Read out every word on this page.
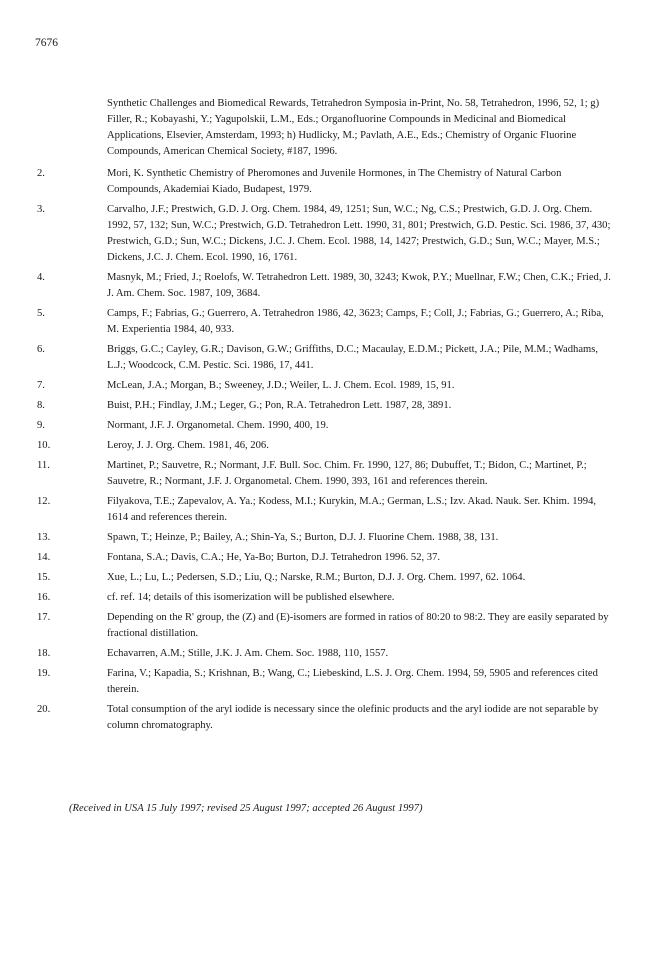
7676
Synthetic Challenges and Biomedical Rewards, Tetrahedron Symposia in-Print, No. 58, Tetrahedron, 1996, 52, 1; g) Filler, R.; Kobayashi, Y.; Yagupolskii, L.M., Eds.; Organofluorine Compounds in Medicinal and Biomedical Applications, Elsevier, Amsterdam, 1993; h) Hudlicky, M.; Pavlath, A.E., Eds.; Chemistry of Organic Fluorine Compounds, American Chemical Society, #187, 1996.
2.	Mori, K. Synthetic Chemistry of Pheromones and Juvenile Hormones, in The Chemistry of Natural Carbon Compounds, Akademiai Kiado, Budapest, 1979.
3.	Carvalho, J.F.; Prestwich, G.D. J. Org. Chem. 1984, 49, 1251; Sun, W.C.; Ng, C.S.; Prestwich, G.D. J. Org. Chem. 1992, 57, 132; Sun, W.C.; Prestwich, G.D. Tetrahedron Lett. 1990, 31, 801; Prestwich, G.D. Pestic. Sci. 1986, 37, 430; Prestwich, G.D.; Sun, W.C.; Dickens, J.C. J. Chem. Ecol. 1988, 14, 1427; Prestwich, G.D.; Sun, W.C.; Mayer, M.S.; Dickens, J.C. J. Chem. Ecol. 1990, 16, 1761.
4.	Masnyk, M.; Fried, J.; Roelofs, W. Tetrahedron Lett. 1989, 30, 3243; Kwok, P.Y.; Muellnar, F.W.; Chen, C.K.; Fried, J. J. Am. Chem. Soc. 1987, 109, 3684.
5.	Camps, F.; Fabrias, G.; Guerrero, A. Tetrahedron 1986, 42, 3623; Camps, F.; Coll, J.; Fabrias, G.; Guerrero, A.; Riba, M. Experientia 1984, 40, 933.
6.	Briggs, G.C.; Cayley, G.R.; Davison, G.W.; Griffiths, D.C.; Macaulay, E.D.M.; Pickett, J.A.; Pile, M.M.; Wadhams, L.J.; Woodcock, C.M. Pestic. Sci. 1986, 17, 441.
7.	McLean, J.A.; Morgan, B.; Sweeney, J.D.; Weiler, L. J. Chem. Ecol. 1989, 15, 91.
8.	Buist, P.H.; Findlay, J.M.; Leger, G.; Pon, R.A. Tetrahedron Lett. 1987, 28, 3891.
9.	Normant, J.F. J. Organometal. Chem. 1990, 400, 19.
10.	Leroy, J. J. Org. Chem. 1981, 46, 206.
11.	Martinet, P.; Sauvetre, R.; Normant, J.F. Bull. Soc. Chim. Fr. 1990, 127, 86; Dubuffet, T.; Bidon, C.; Martinet, P.; Sauvetre, R.; Normant, J.F. J. Organometal. Chem. 1990, 393, 161 and references therein.
12.	Filyakova, T.E.; Zapevalov, A. Ya.; Kodess, M.I.; Kurykin, M.A.; German, L.S.; Izv. Akad. Nauk. Ser. Khim. 1994, 1614 and references therein.
13.	Spawn, T.; Heinze, P.; Bailey, A.; Shin-Ya, S.; Burton, D.J. J. Fluorine Chem. 1988, 38, 131.
14.	Fontana, S.A.; Davis, C.A.; He, Ya-Bo; Burton, D.J. Tetrahedron 1996. 52, 37.
15.	Xue, L.; Lu, L.; Pedersen, S.D.; Liu, Q.; Narske, R.M.; Burton, D.J. J. Org. Chem. 1997, 62. 1064.
16.	cf. ref. 14; details of this isomerization will be published elsewhere.
17.	Depending on the R' group, the (Z) and (E)-isomers are formed in ratios of 80:20 to 98:2. They are easily separated by fractional distillation.
18.	Echavarren, A.M.; Stille, J.K. J. Am. Chem. Soc. 1988, 110, 1557.
19.	Farina, V.; Kapadia, S.; Krishnan, B.; Wang, C.; Liebeskind, L.S. J. Org. Chem. 1994, 59, 5905 and references cited therein.
20.	Total consumption of the aryl iodide is necessary since the olefinic products and the aryl iodide are not separable by column chromatography.
(Received in USA 15 July 1997; revised 25 August 1997; accepted 26 August 1997)
